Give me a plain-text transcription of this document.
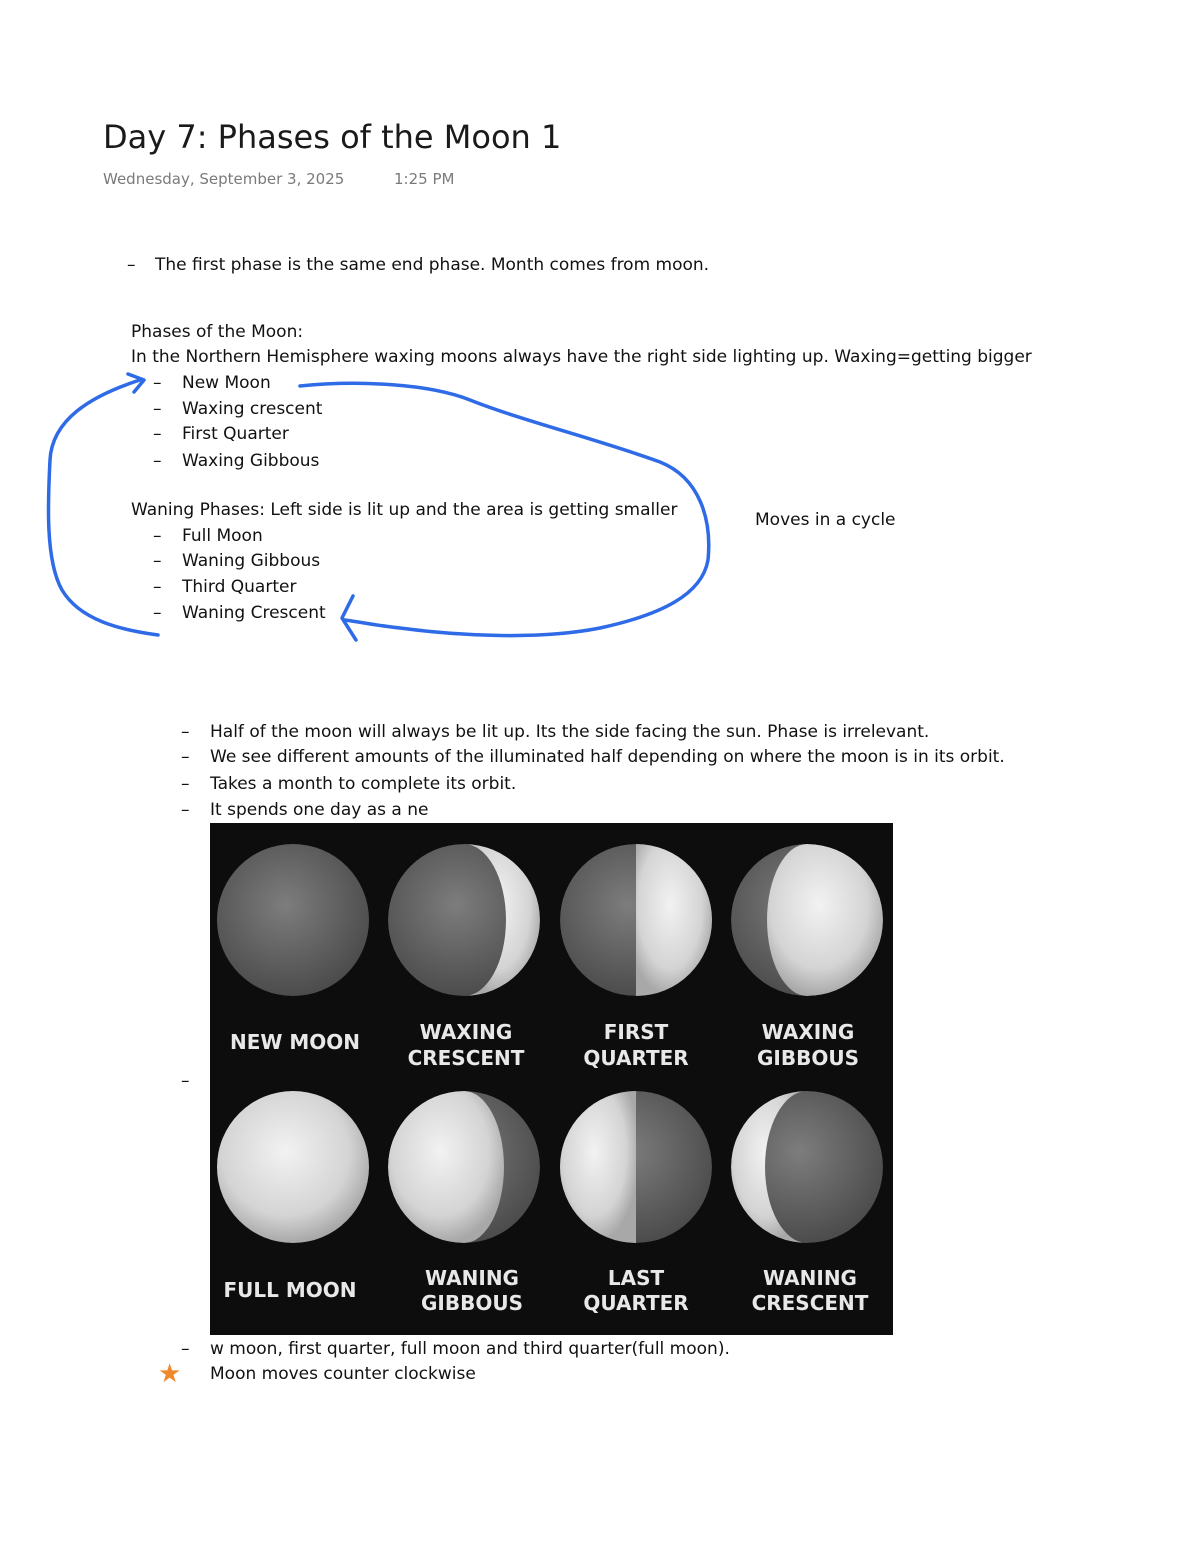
Day 7: Phases of the Moon 1
Wednesday, September 3, 2025	1:25 PM
– The first phase is the same end phase. Month comes from moon.
Phases of the Moon:
In the Northern Hemisphere waxing moons always have the right side lighting up. Waxing=getting bigger
– New Moon
– Waxing crescent
– First Quarter
– Waxing Gibbous
Waning Phases: Left side is lit up and the area is getting smaller
– Full Moon
– Waning Gibbous
– Third Quarter
– Waning Crescent
Moves in a cycle
– Half of the moon will always be lit up. Its the side facing the sun. Phase is irrelevant.
– We see different amounts of the illuminated half depending on where the moon is in its orbit.
– Takes a month to complete its orbit.
– It spends one day as a ne
–
NEW MOON	WAXING
CRESCENT
FIRST
QUARTER
WAXING
GIBBOUS
FULL MOON	WANING
GIBBOUS
LAST
QUARTER
WANING
CRESCENT
– w moon, first quarter, full moon and third quarter(full moon).
★ Moon moves counter clockwise
